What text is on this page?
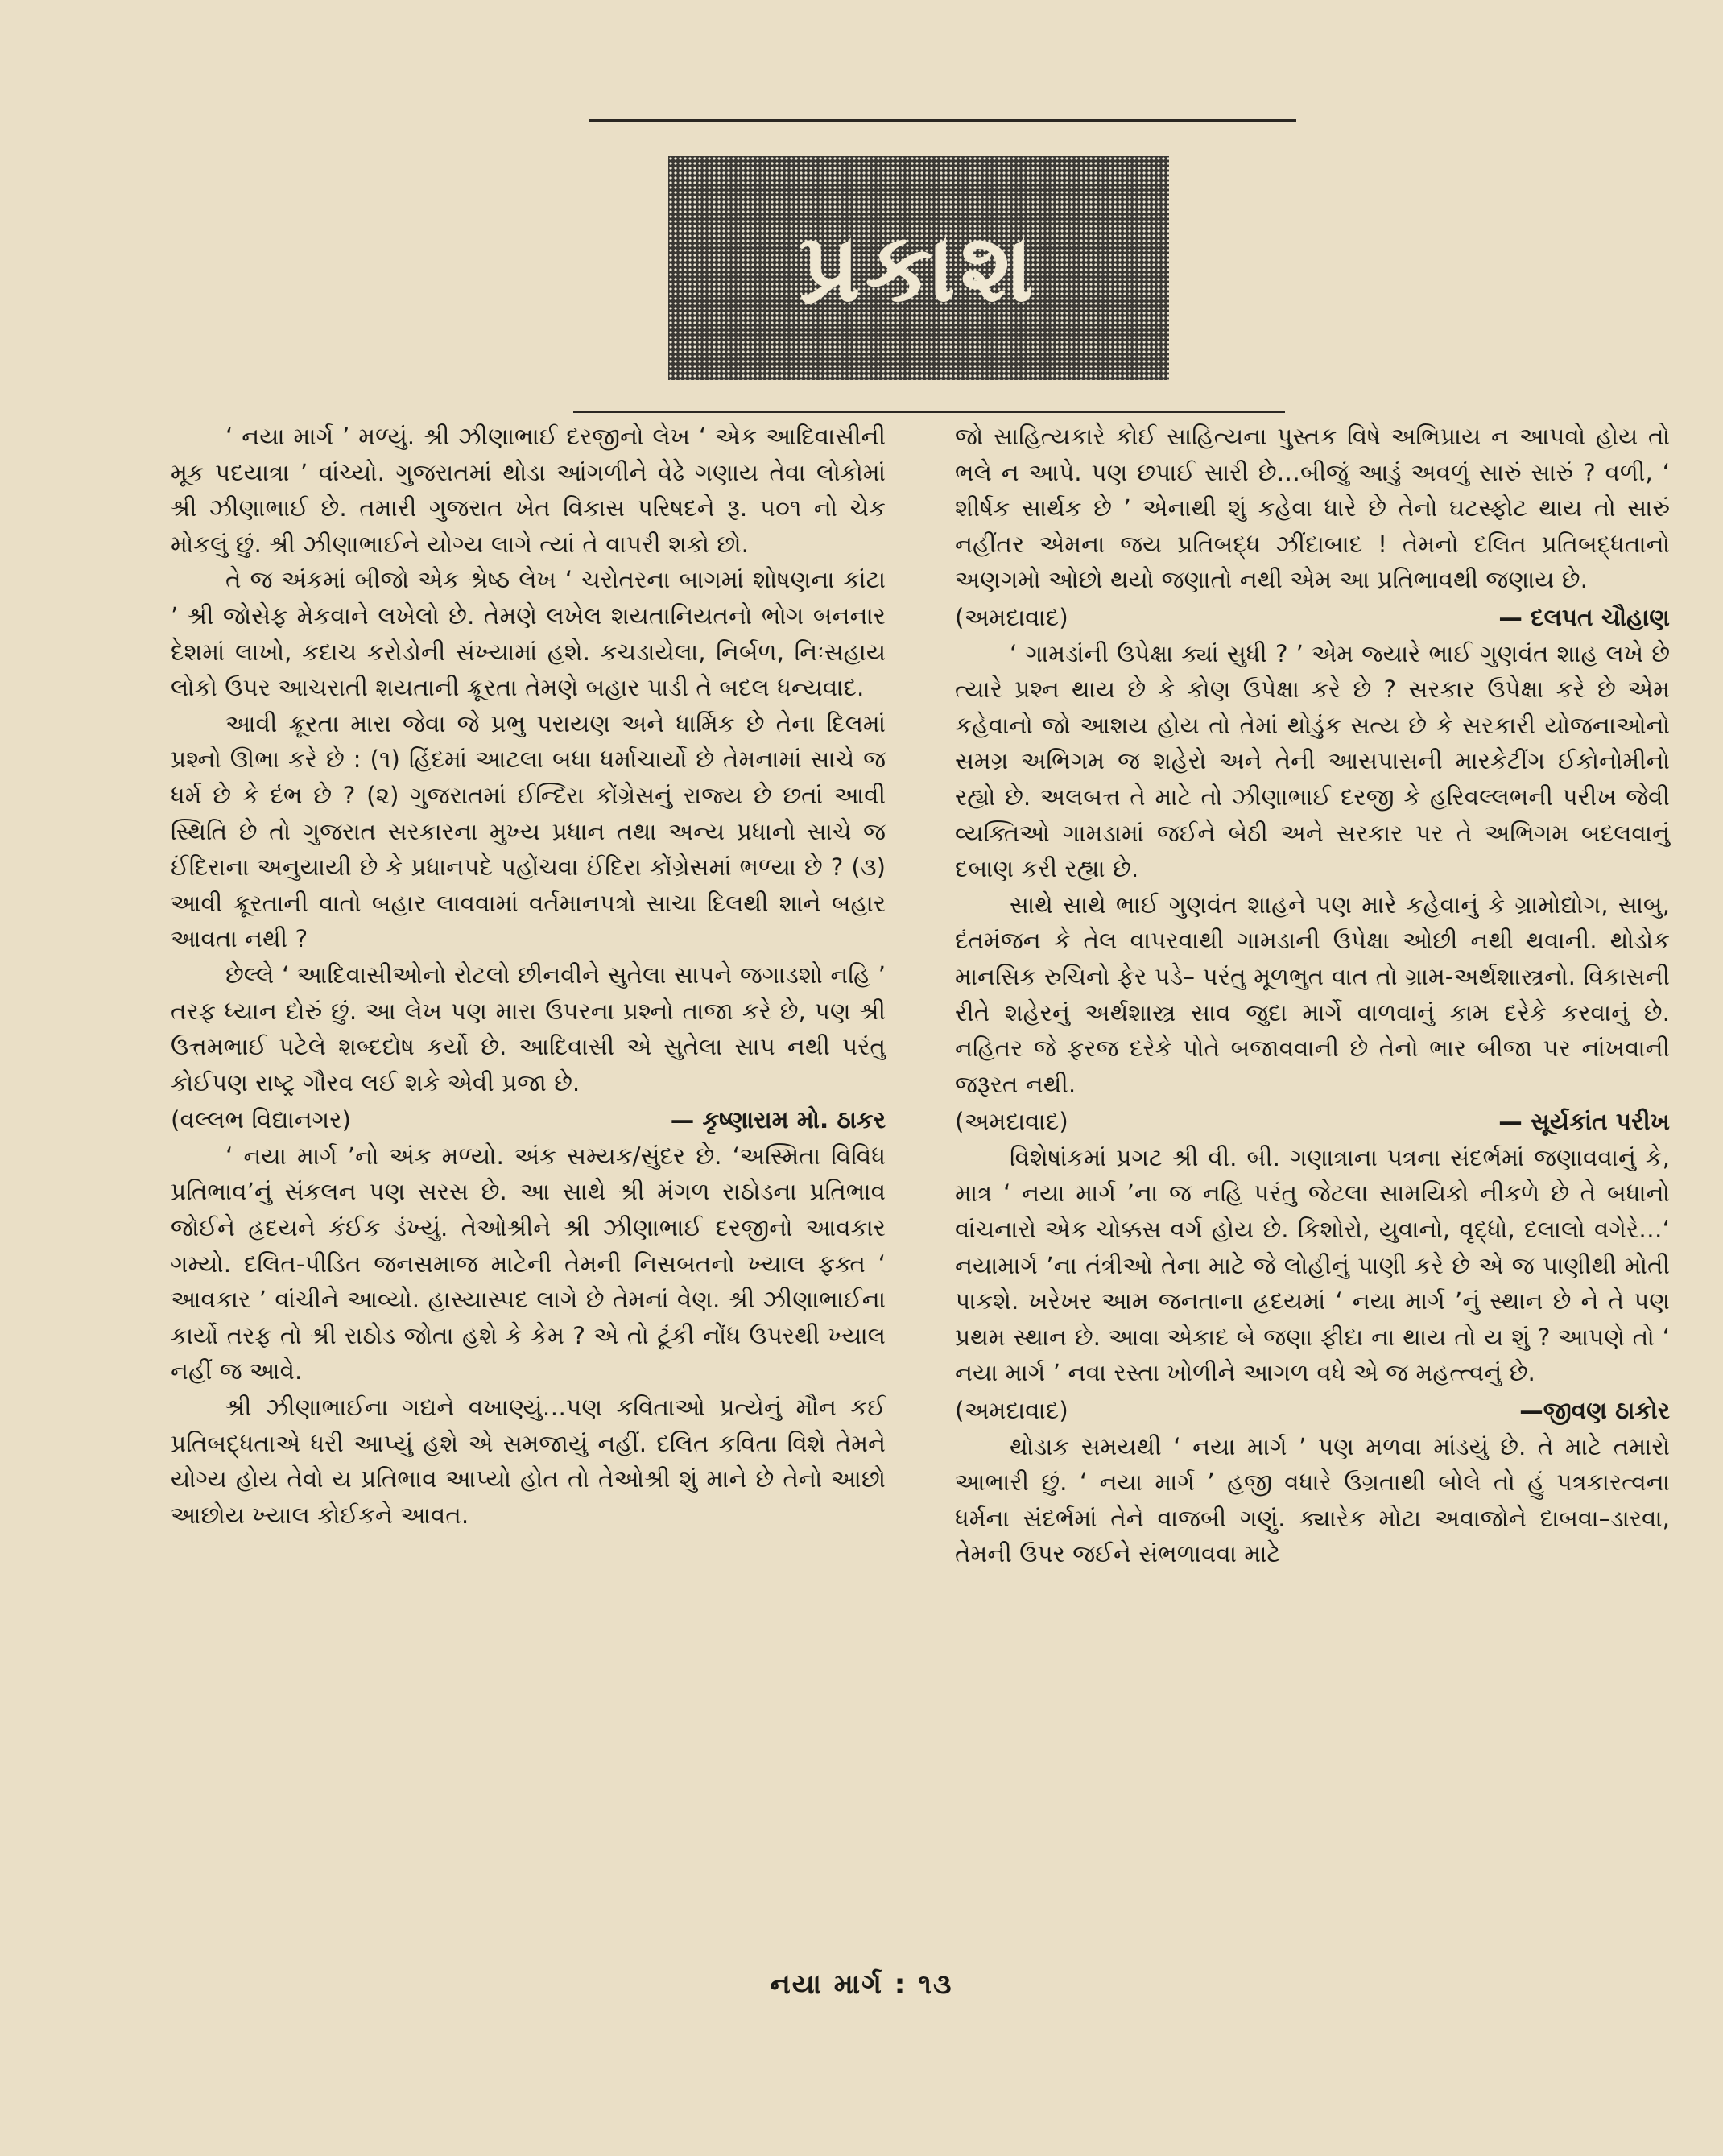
પ્રકાશ

‘ નયા માર્ગ ’ મળ્યું. શ્રી ઝીણાભાઈ દરજીનો લેખ ‘ એક આદિવાસીની મૂક પદયાત્રા ’ વાંચ્યો. ગુજરાતમાં થોડા આંગળીને વેઢે ગણાય તેવા લોકોમાં શ્રી ઝીણાભાઈ છે. તમારી ગુજરાત ખેત વિકાસ પરિષદને રૂ. ૫૦૧ નો ચેક મોકલું છું. શ્રી ઝીણાભાઈને યોગ્ય લાગે ત્યાં તે વાપરી શકો છો.

તે જ અંકમાં બીજો એક શ્રેષ્ઠ લેખ ‘ ચરોતરના બાગમાં શોષણના કાંટા ’ શ્રી જોસેફ મેકવાને લખેલો છે. તેમણે લખેલ શયતાનિયતનો ભોગ બનનાર દેશમાં લાખો, કદાચ કરોડોની સંખ્યામાં હશે. કચડાયેલા, નિર્બળ, નિઃસહાય લોકો ઉપર આચરાતી શયતાની ક્રૂરતા તેમણે બહાર પાડી તે બદલ ધન્યવાદ.

આવી ક્રૂરતા મારા જેવા જે પ્રભુ પરાયણ અને ધાર્મિક છે તેના દિલમાં પ્રશ્નો ઊભા કરે છે : (૧) હિંદમાં આટલા બધા ધર્માચાર્યો છે તેમનામાં સાચે જ ધર્મ છે કે દંભ છે ? (૨) ગુજરાતમાં ઈન્દિરા કોંગ્રેસનું રાજ્ય છે છતાં આવી સ્થિતિ છે તો ગુજરાત સરકારના મુખ્ય પ્રધાન તથા અન્ય પ્રધાનો સાચે જ ઈંદિરાના અનુયાયી છે કે પ્રધાનપદે પહોંચવા ઈંદિરા કોંગ્રેસમાં ભળ્યા છે ? (૩) આવી ક્રૂરતાની વાતો બહાર લાવવામાં વર્તમાનપત્રો સાચા દિલથી શાને બહાર આવતા નથી ?

છેલ્લે ‘ આદિવાસીઓનો રોટલો છીનવીને સુતેલા સાપને જગાડશો નહિ ’ તરફ ધ્યાન દોરું છું. આ લેખ પણ મારા ઉપરના પ્રશ્નો તાજા કરે છે, પણ શ્રી ઉત્તમભાઈ પટેલે શબ્દદોષ કર્યો છે. આદિવાસી એ સુતેલા સાપ નથી પરંતુ કોઈપણ રાષ્ટ્ર ગૌરવ લઈ શકે એવી પ્રજા છે.

(વલ્લભ વિદ્યાનગર)	— કૃષ્ણારામ મો. ઠાકર

‘ નયા માર્ગ ’નો અંક મળ્યો. અંક સમ્યક/સુંદર છે. ‘અસ્મિતા વિવિધ પ્રતિભાવ’નું સંકલન પણ સરસ છે. આ સાથે શ્રી મંગળ રાઠોડના પ્રતિભાવ જોઈને હ્રદયને કંઈક ડંખ્યું. તેઓશ્રીને શ્રી ઝીણાભાઈ દરજીનો આવકાર ગમ્યો. દલિત-પીડિત જનસમાજ માટેની તેમની નિસબતનો ખ્યાલ ફક્ત ‘ આવકાર ’ વાંચીને આવ્યો. હાસ્યાસ્પદ લાગે છે તેમનાં વેણ. શ્રી ઝીણાભાઈના કાર્યો તરફ તો શ્રી રાઠોડ જોતા હશે કે કેમ ? એ તો ટૂંકી નોંધ ઉપરથી ખ્યાલ નહીં જ આવે.

શ્રી ઝીણાભાઈના ગદ્યને વખાણ્યું…પણ કવિતાઓ પ્રત્યેનું મૌન કઈ પ્રતિબદ્ધતાએ ધરી આપ્યું હશે એ સમજાયું નહીં. દલિત કવિતા વિશે તેમને યોગ્ય હોય તેવો ય પ્રતિભાવ આપ્યો હોત તો તેઓશ્રી શું માને છે તેનો આછો આછોય ખ્યાલ કોઈકને આવત.

જો સાહિત્યકારે કોઈ સાહિત્યના પુસ્તક વિષે અભિપ્રાય ન આપવો હોય તો ભલે ન આપે. પણ છપાઈ સારી છે…બીજું આડું અવળું સારું સારું ? વળી, ‘ શીર્ષક સાર્થક છે ’ એનાથી શું કહેવા ધારે છે તેનો ઘટસ્ફોટ થાય તો સારું નહીંતર એમના જય પ્રતિબદ્ધ ઝીંદાબાદ ! તેમનો દલિત પ્રતિબદ્ધતાનો અણગમો ઓછો થયો જણાતો નથી એમ આ પ્રતિભાવથી જણાય છે.

(અમદાવાદ)	— દલપત ચૌહાણ

‘ ગામડાંની ઉપેક્ષા ક્યાં સુધી ? ’ એમ જ્યારે ભાઈ ગુણવંત શાહ લખે છે ત્યારે પ્રશ્ન થાય છે કે કોણ ઉપેક્ષા કરે છે ? સરકાર ઉપેક્ષા કરે છે એમ કહેવાનો જો આશય હોય તો તેમાં થોડુંક સત્ય છે કે સરકારી યોજનાઓનો સમગ્ર અભિગમ જ શહેરો અને તેની આસપાસની મારકેટીંગ ઈકોનોમીનો રહ્યો છે. અલબત્ત તે માટે તો ઝીણાભાઈ દરજી કે હરિવલ્લભની પરીખ જેવી વ્યક્તિઓ ગામડામાં જઈને બેઠી અને સરકાર પર તે અભિગમ બદલવાનું દબાણ કરી રહ્યા છે.

સાથે સાથે ભાઈ ગુણવંત શાહને પણ મારે કહેવાનું કે ગ્રામોદ્યોગ, સાબુ, દંતમંજન કે તેલ વાપરવાથી ગામડાની ઉપેક્ષા ઓછી નથી થવાની. થોડોક માનસિક રુચિનો ફેર પડે– પરંતુ મૂળભુત વાત તો ગ્રામ-અર્થશાસ્ત્રનો. વિકાસની રીતે શહેરનું અર્થશાસ્ત્ર સાવ જુદા માર્ગે વાળવાનું કામ દરેકે કરવાનું છે. નહિતર જે ફરજ દરેકે પોતે બજાવવાની છે તેનો ભાર બીજા પર નાંખવાની જરૂરત નથી.

(અમદાવાદ)	— સૂર્યકાંત પરીખ

વિશેષાંકમાં પ્રગટ શ્રી વી. બી. ગણાત્રાના પત્રના સંદર્ભમાં જણાવવાનું કે, માત્ર ‘ નયા માર્ગ ’ના જ નહિ પરંતુ જેટલા સામયિકો નીકળે છે તે બધાનો વાંચનારો એક ચોક્કસ વર્ગ હોય છે. કિશોરો, યુવાનો, વૃદ્ધો, દલાલો વગેરે…‘ નયામાર્ગ ’ના તંત્રીઓ તેના માટે જે લોહીનું પાણી કરે છે એ જ પાણીથી મોતી પાકશે. ખરેખર આમ જનતાના હ્રદયમાં ‘ નયા માર્ગ ’નું સ્થાન છે ને તે પણ પ્રથમ સ્થાન છે. આવા એકાદ બે જણા ફીદા ના થાય તો ય શું ? આપણે તો ‘ નયા માર્ગ ’ નવા રસ્તા ખોળીને આગળ વધે એ જ મહત્ત્વનું છે.

(અમદાવાદ)	—જીવણ ઠાકોર

થોડાક સમયથી ‘ નયા માર્ગ ’ પણ મળવા માંડયું છે. તે માટે તમારો આભારી છું. ‘ નયા માર્ગ ’ હજી વધારે ઉગ્રતાથી બોલે તો હું પત્રકારત્વના ધર્મના સંદર્ભમાં તેને વાજબી ગણું. ક્યારેક મોટા અવાજોને દાબવા–ડારવા, તેમની ઉપર જઈને સંભળાવવા માટે

નયા માર્ગ : ૧૩
